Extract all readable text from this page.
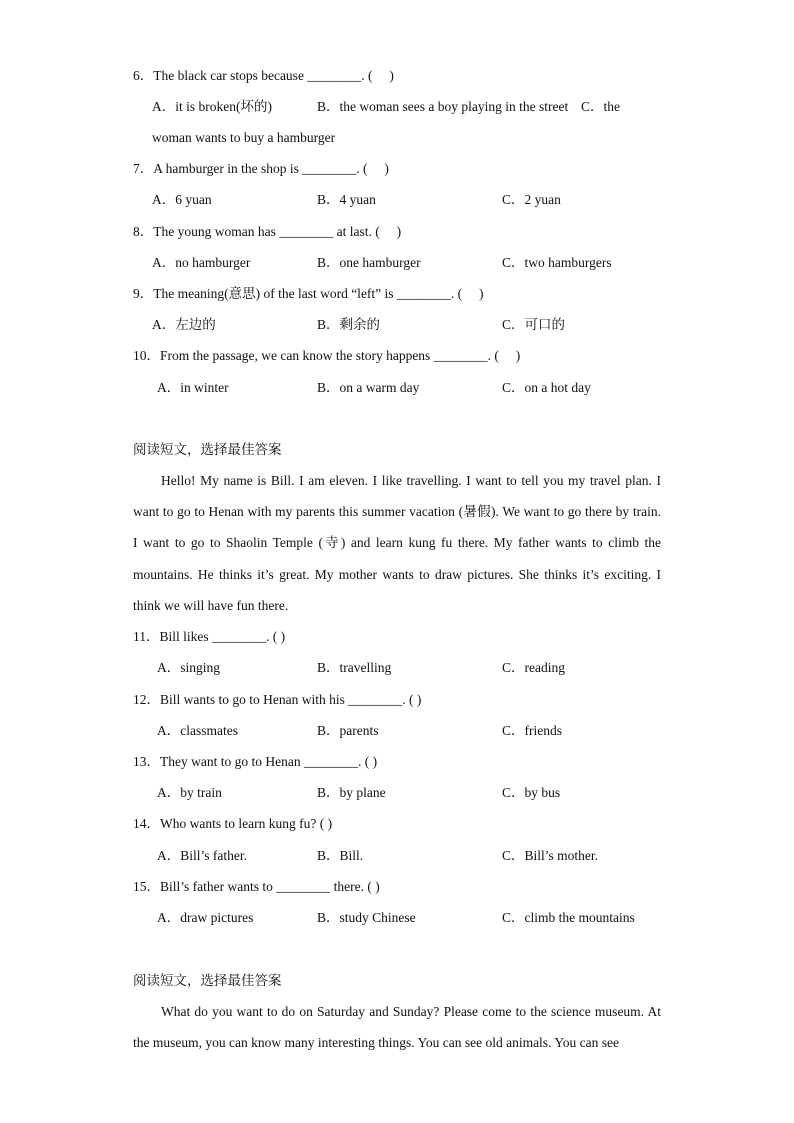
6．The black car stops because ________. (　 )
A．it is broken(坏的)	B．the woman sees a boy playing in the street C．the
woman wants to buy a hamburger
7．A hamburger in the shop is ________. (　 )
A．6 yuan	B．4 yuan	C．2 yuan
8．The young woman has ________ at last. (　 )
A．no hamburger	B．one hamburger	C．two hamburgers
9．The meaning(意思) of the last word “left” is ________. (　 )
A．左边的	B．剩余的	C．可口的
10．From the passage, we can know the story happens ________. (　 )
A．in winter	B．on a warm day	C．on a hot day
阅读短文，选择最佳答案
Hello! My name is Bill. I am eleven. I like travelling. I want to tell you my travel plan. I want to go to Henan with my parents this summer vacation (暑假). We want to go there by train. I want to go to Shaolin Temple (寺) and learn kung fu there. My father wants to climb the mountains. He thinks it’s great. My mother wants to draw pictures. She thinks it’s exciting. I think we will have fun there.
11．Bill likes ________. ( )
A．singing	B．travelling	C．reading
12．Bill wants to go to Henan with his ________. ( )
A．classmates	B．parents	C．friends
13．They want to go to Henan ________. ( )
A．by train	B．by plane	C．by bus
14．Who wants to learn kung fu? ( )
A．Bill’s father.	B．Bill.	C．Bill’s mother.
15．Bill’s father wants to ________ there. ( )
A．draw pictures	B．study Chinese	C．climb the mountains
阅读短文，选择最佳答案
What do you want to do on Saturday and Sunday? Please come to the science museum. At the museum, you can know many interesting things. You can see old animals. You can see
